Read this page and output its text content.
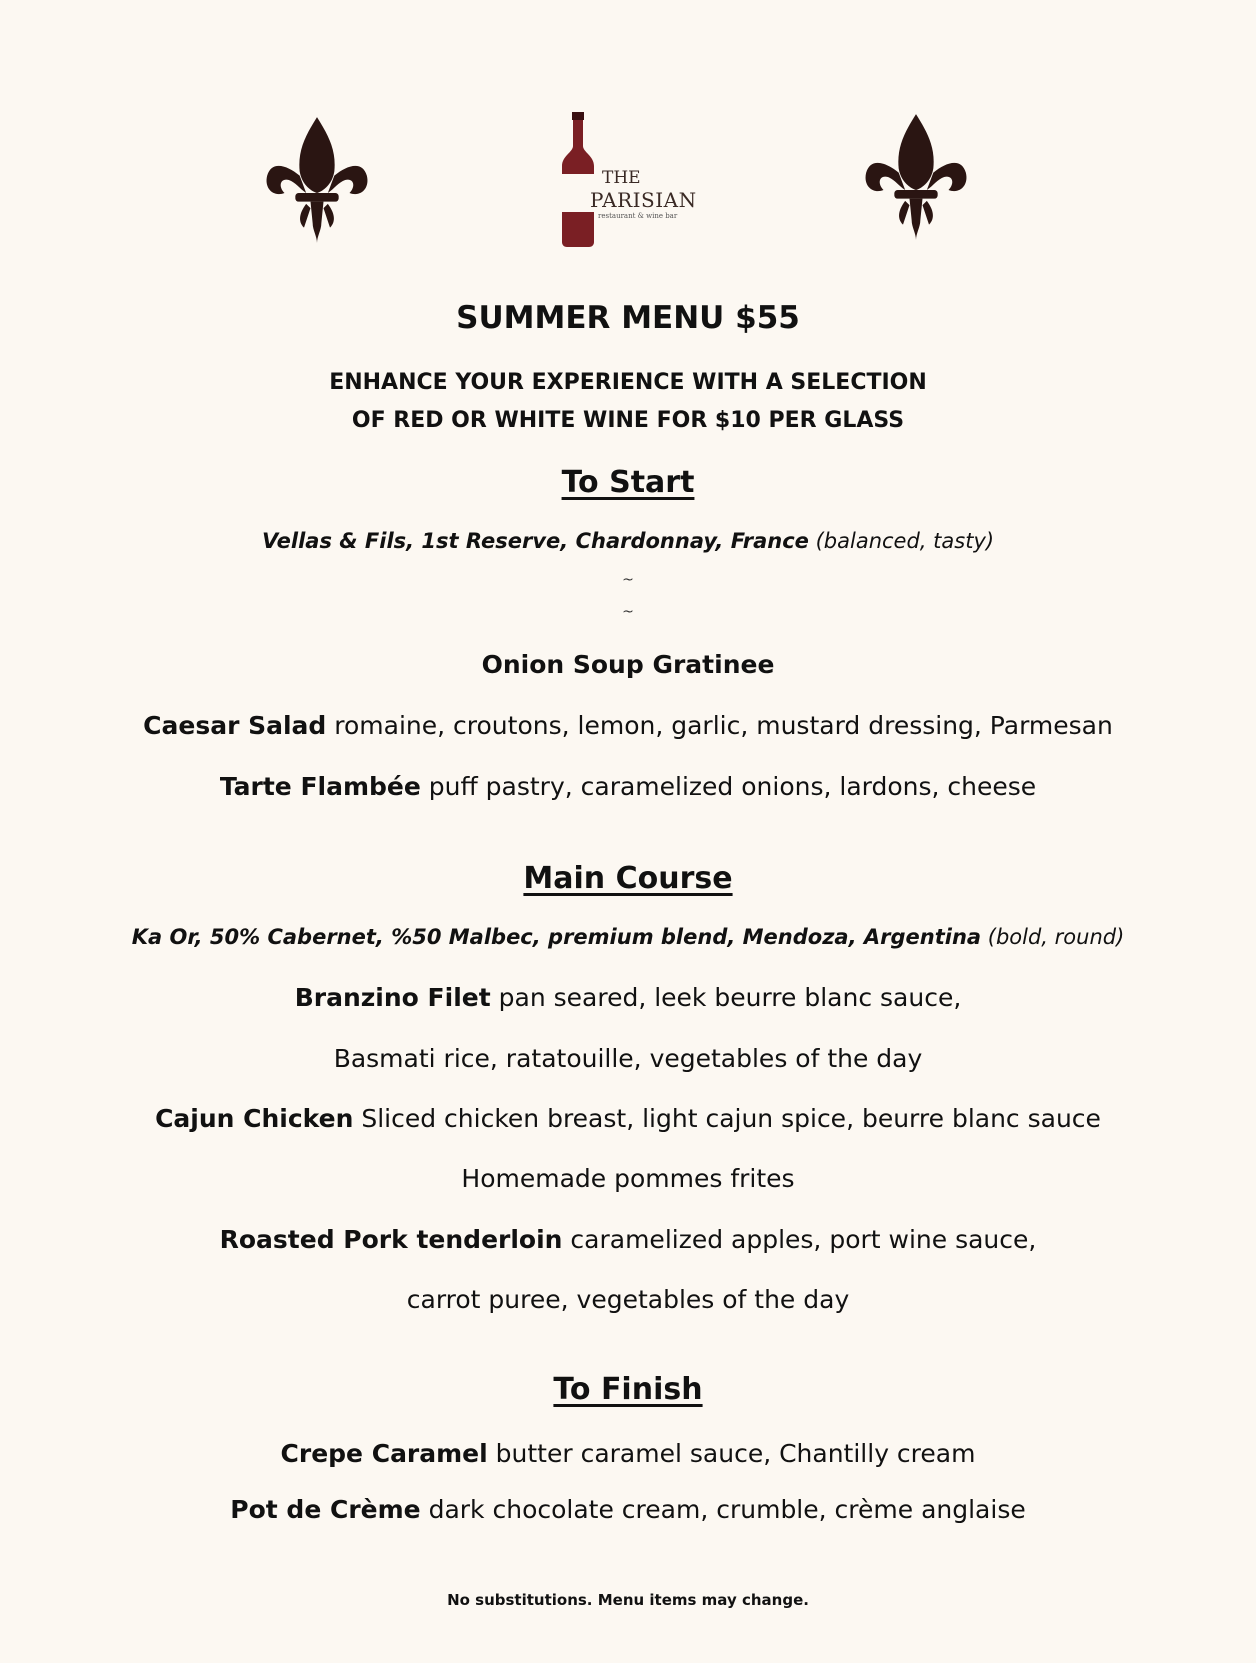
THE
PARISIAN
restaurant & wine bar
SUMMER MENU $55
ENHANCE YOUR EXPERIENCE WITH A SELECTION
OF RED OR WHITE WINE FOR $10 PER GLASS
To Start
Vellas & Fils, 1st Reserve, Chardonnay, France (balanced, tasty)
~
~
Onion Soup Gratinee
Caesar Salad romaine, croutons, lemon, garlic, mustard dressing, Parmesan
Tarte Flambée puff pastry, caramelized onions, lardons, cheese
Main Course
Ka Or, 50% Cabernet, %50 Malbec, premium blend, Mendoza, Argentina (bold, round)
Branzino Filet pan seared, leek beurre blanc sauce,
Basmati rice, ratatouille, vegetables of the day
Cajun Chicken Sliced chicken breast, light cajun spice, beurre blanc sauce
Homemade pommes frites
Roasted Pork tenderloin caramelized apples, port wine sauce,
carrot puree, vegetables of the day
To Finish
Crepe Caramel butter caramel sauce, Chantilly cream
Pot de Crème dark chocolate cream, crumble, crème anglaise
No substitutions. Menu items may change.
